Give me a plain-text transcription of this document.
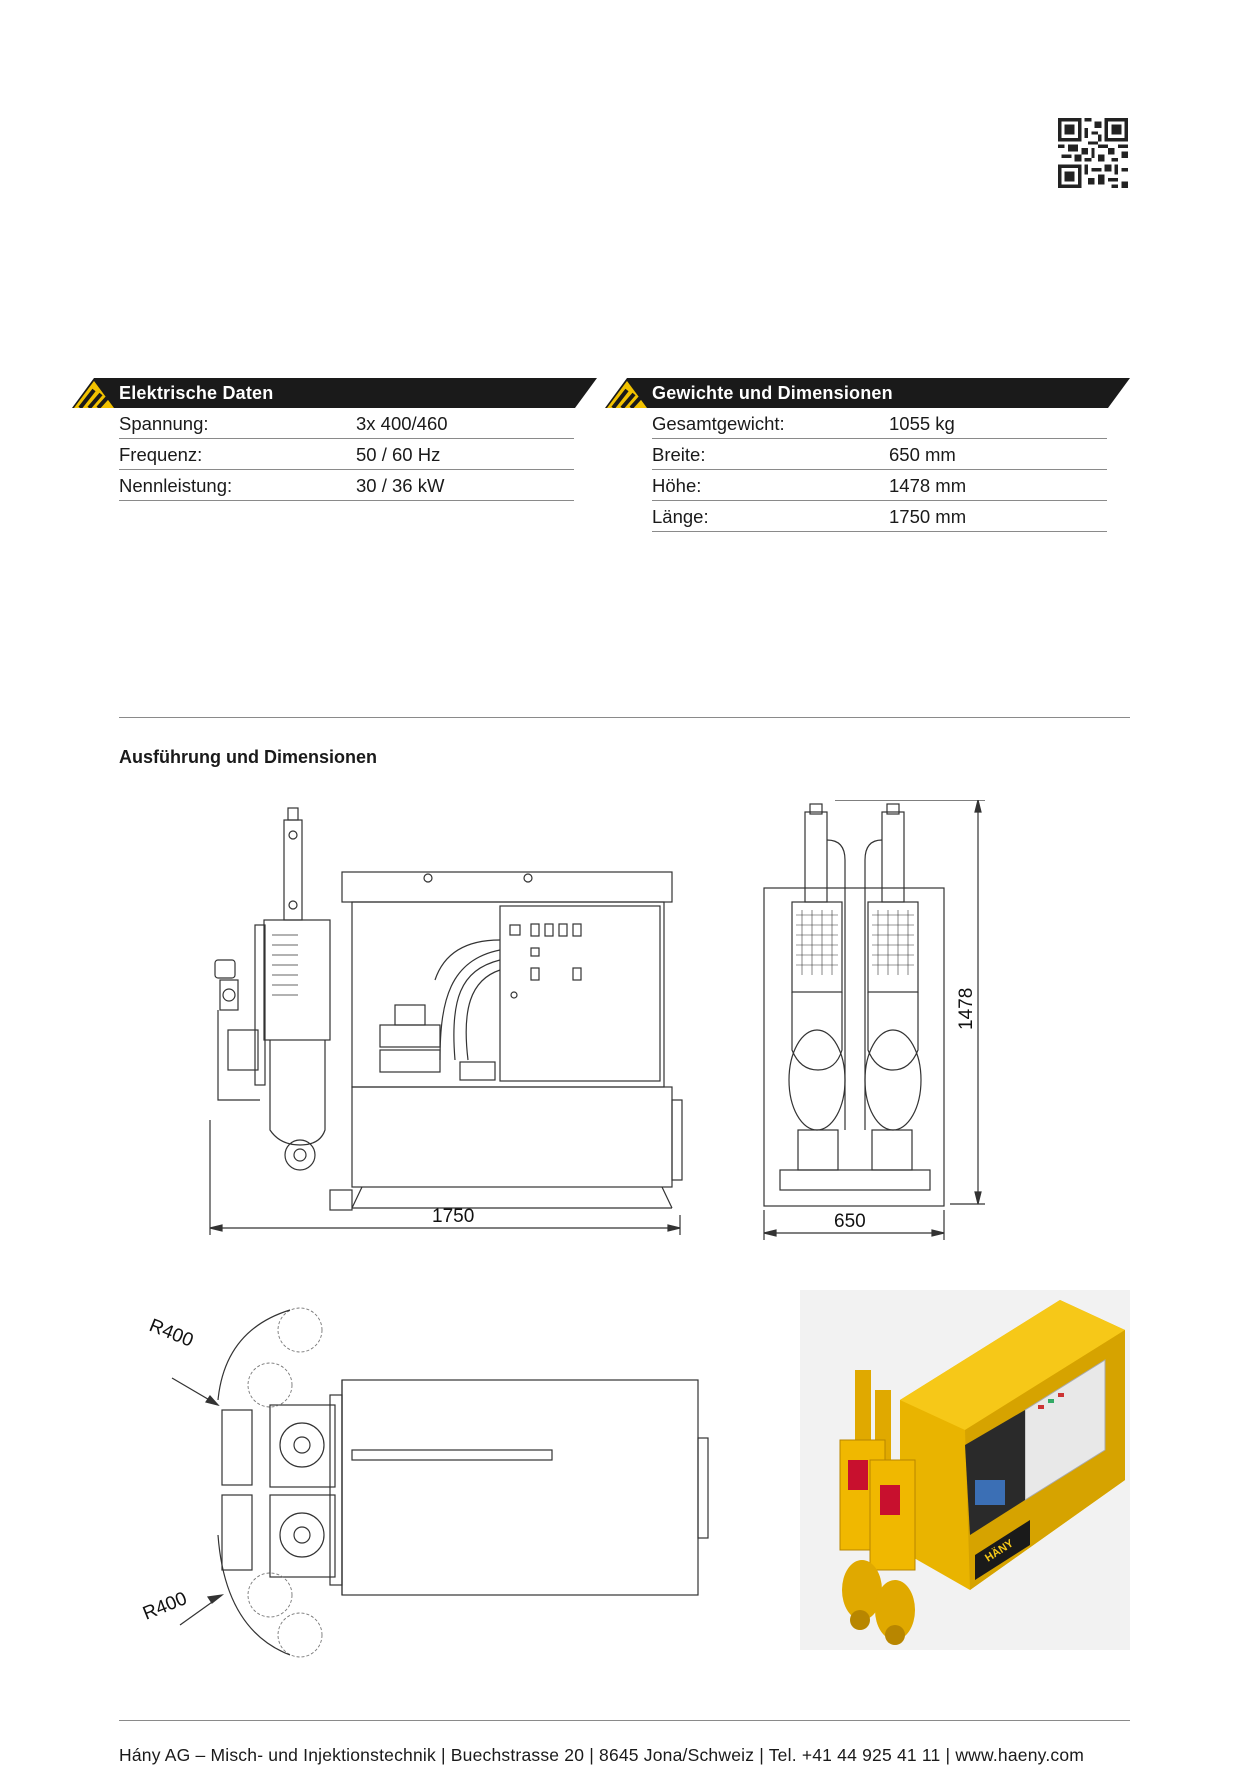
Elektrische Daten	Gewichte und Dimensionen
Spannung:	3x 400/460
Frequenz:	50 / 60 Hz
Nennleistung:	30 / 36 kW
Gesamtgewicht:	1055 kg
Breite:	650 mm
Höhe:	1478 mm
Länge:	1750 mm
Ausführung und Dimensionen
1750
1478
650
R400
R400
HÄNY
Hány AG – Misch- und Injektionstechnik | Buechstrasse 20 | 8645 Jona/Schweiz | Tel. +41 44 925 41 11 | www.haeny.com
